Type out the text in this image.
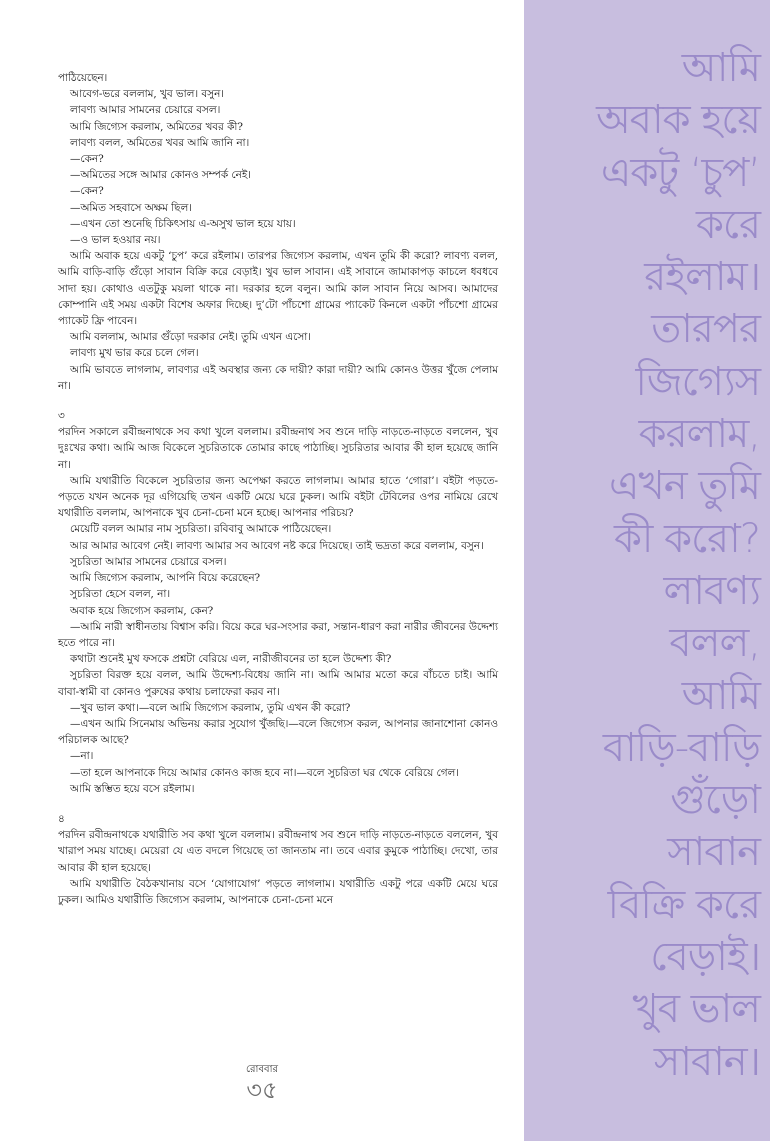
পাঠিয়েছেন।

আবেগ-ভরে বললাম, খুব ভাল। বসুন।

লাবণ্য আমার সামনের চেয়ারে বসল।

আমি জিগ্যেস করলাম, অমিতের খবর কী?

লাবণ্য বলল, অমিতের খবর আমি জানি না।

—কেন?

—অমিতের সঙ্গে আমার কোনও সম্পর্ক নেই।

—কেন?

—অমিত সহবাসে অক্ষম ছিল।

—এখন তো শুনেছি চিকিৎসায় এ-অসুখ ভাল হয়ে যায়।

—ও ভাল হওয়ার নয়।

আমি অবাক হয়ে একটু ‘চুপ’ করে রইলাম। তারপর জিগ্যেস করলাম, এখন তুমি কী করো? লাবণ্য বলল, আমি বাড়ি-বাড়ি গুঁড়ো সাবান বিক্রি করে বেড়াই। খুব ভাল সাবান। এই সাবানে জামাকাপড় কাচলে ধবধবে সাদা হয়। কোথাও এতটুকু ময়লা থাকে না। দরকার হলে বলুন। আমি কাল সাবান নিয়ে আসব। আমাদের কোম্পানি এই সময় একটা বিশেষ অফার দিচ্ছে। দু’টো পাঁচশো গ্রামের প্যাকেট কিনলে একটা পাঁচশো গ্রামের প্যাকেট ফ্রি পাবেন।

আমি বললাম, আমার গুঁড়ো দরকার নেই। তুমি এখন এসো।

লাবণ্য মুখ ভার করে চলে গেল।

আমি ভাবতে লাগলাম, লাবণ্যর এই অবস্থার জন্য কে দায়ী? কারা দায়ী? আমি কোনও উত্তর খুঁজে পেলাম না।

৩

পরদিন সকালে রবীন্দ্রনাথকে সব কথা খুলে বললাম। রবীন্দ্রনাথ সব শুনে দাড়ি নাড়তে-নাড়তে বললেন, খুব দুঃখের কথা। আমি আজ বিকেলে সুচরিতাকে তোমার কাছে পাঠাচ্ছি। সুচরিতার আবার কী হাল হয়েছে জানি না।

আমি যথারীতি বিকেলে সুচরিতার জন্য অপেক্ষা করতে লাগলাম। আমার হাতে ‘গোরা’। বইটা পড়তে-পড়তে যখন অনেক দূর এগিয়েছি তখন একটি মেয়ে ঘরে ঢুকল। আমি বইটা টেবিলের ওপর নামিয়ে রেখে যথারীতি বললাম, আপনাকে খুব চেনা-চেনা মনে হচ্ছে। আপনার পরিচয়?

মেয়েটি বলল আমার নাম সুচরিতা। রবিবাবু আমাকে পাঠিয়েছেন।

আর আমার আবেগ নেই। লাবণ্য আমার সব আবেগ নষ্ট করে দিয়েছে। তাই ভদ্রতা করে বললাম, বসুন।

সুচরিতা আমার সামনের চেয়ারে বসল।

আমি জিগ্যেস করলাম, আপনি বিয়ে করেছেন?

সুচরিতা হেসে বলল, না।

অবাক হয়ে জিগ্যেস করলাম, কেন?

—আমি নারী স্বাধীনতায় বিশ্বাস করি। বিয়ে করে ঘর-সংসার করা, সন্তান-ধারণ করা নারীর জীবনের উদ্দেশ্য হতে পারে না।

কথাটা শুনেই মুখ ফসকে প্রশ্নটা বেরিয়ে এল, নারীজীবনের তা হলে উদ্দেশ্য কী?

সুচরিতা বিরক্ত হয়ে বলল, আমি উদ্দেশ্য-বিধেয় জানি না। আমি আমার মতো করে বাঁচতে চাই। আমি বাবা-স্বামী বা কোনও পুরুষের কথায় চলাফেরা করব না।

—খুব ভাল কথা।—বলে আমি জিগ্যেস করলাম, তুমি এখন কী করো?

—এখন আমি সিনেমায় অভিনয় করার সুযোগ খুঁজছি।—বলে জিগ্যেস করল, আপনার জানাশোনা কোনও পরিচালক আছে?

—না।

—তা হলে আপনাকে দিয়ে আমার কোনও কাজ হবে না।—বলে সুচরিতা ঘর থেকে বেরিয়ে গেল।

আমি স্তম্ভিত হয়ে বসে রইলাম।

৪

পরদিন রবীন্দ্রনাথকে যথারীতি সব কথা খুলে বললাম। রবীন্দ্রনাথ সব শুনে দাড়ি নাড়তে-নাড়তে বললেন, খুব খারাপ সময় যাচ্ছে। মেয়েরা যে এত বদলে গিয়েছে তা জানতাম না। তবে এবার কুমুকে পাঠাচ্ছি। দেখো, তার আবার কী হাল হয়েছে।

আমি যথারীতি বৈঠকখানায় বসে ‘যোগাযোগ’ পড়তে লাগলাম। যথারীতি একটু পরে একটি মেয়ে ঘরে ঢুকল। আমিও যথারীতি জিগ্যেস করলাম, আপনাকে চেনা-চেনা মনে

আমি
অবাক হয়ে
একটু ‘চুপ’
করে
রইলাম।
তারপর
জিগ্যেস
করলাম,
এখন তুমি
কী করো?
লাবণ্য
বলল,
আমি
বাড়ি-বাড়ি
গুঁড়ো
সাবান
বিক্রি করে
বেড়াই।
খুব ভাল
সাবান।
রোববার
৩৫
